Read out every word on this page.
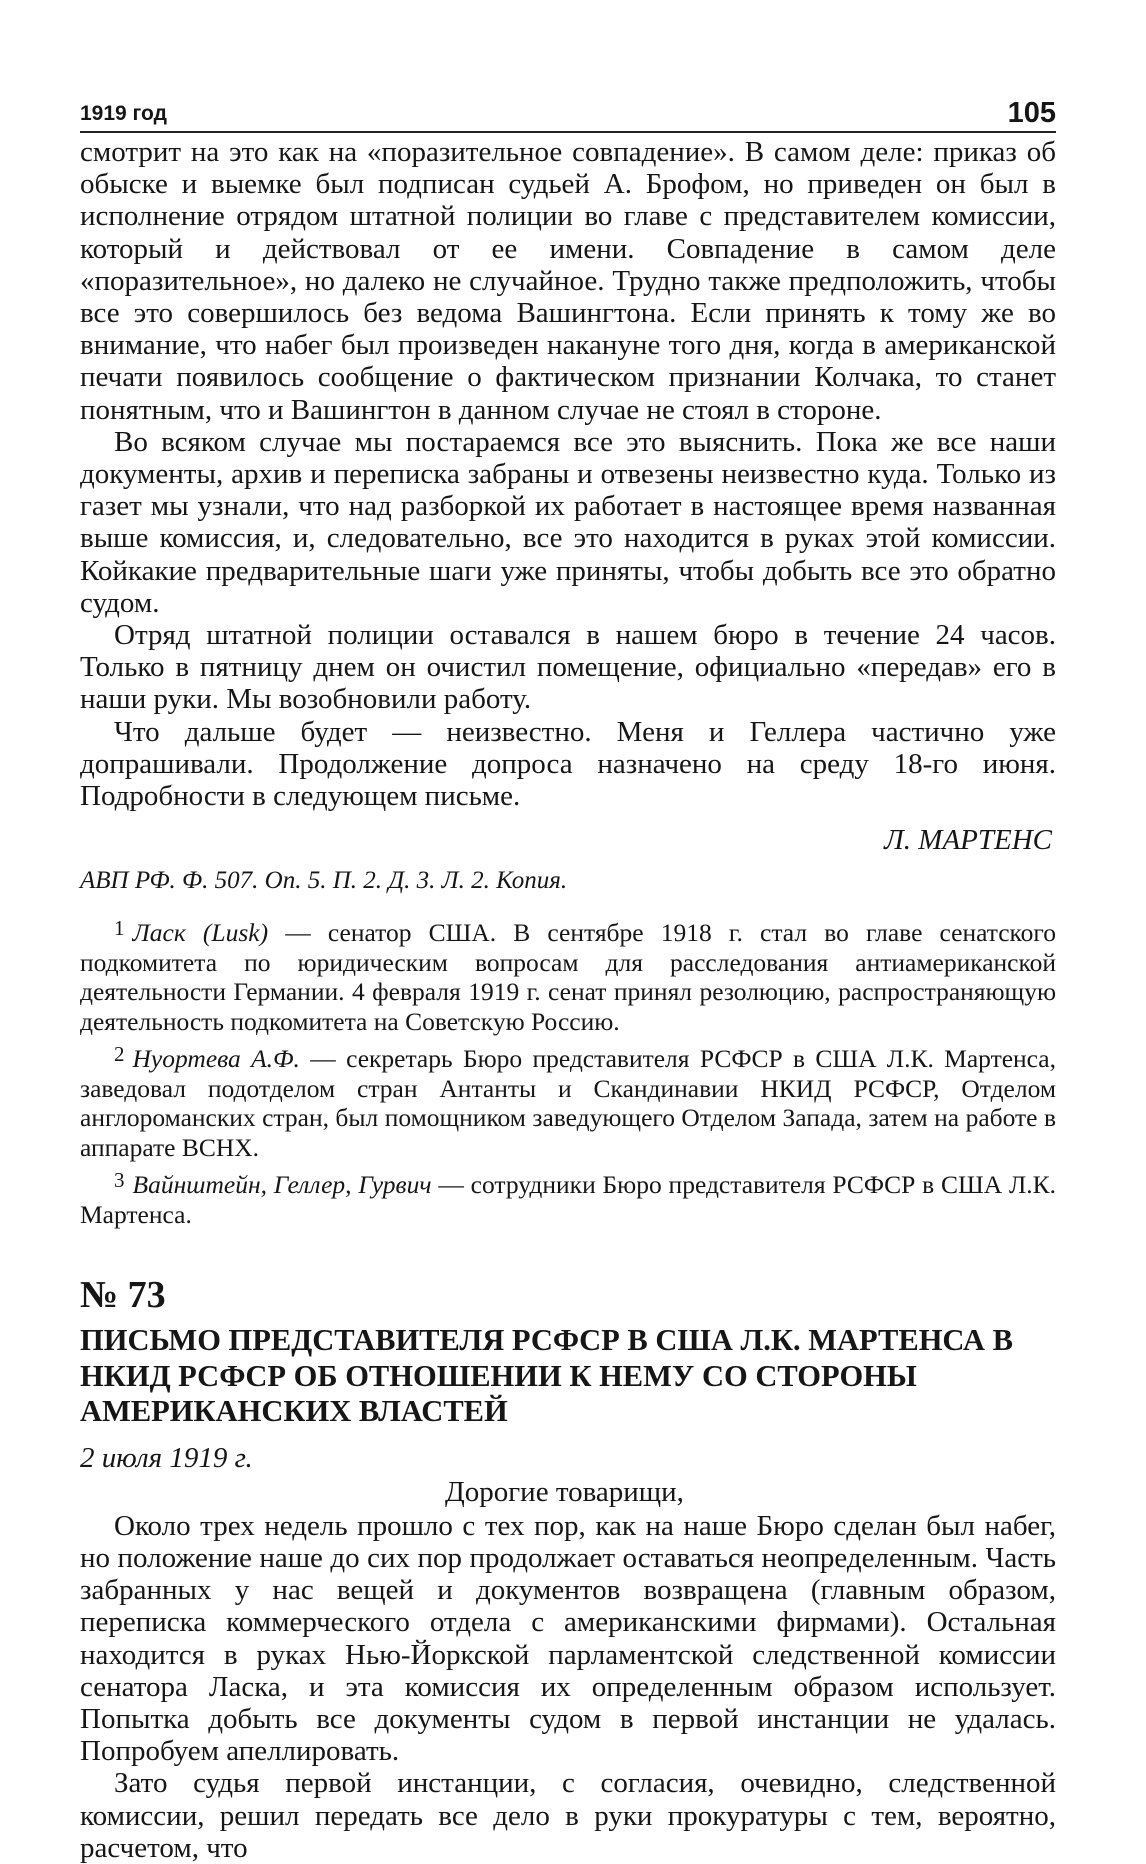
1919 год	105

смотрит на это как на «поразительное совпадение». В самом деле: приказ об обыске и выемке был подписан судьей А. Брофом, но приведен он был в исполнение отрядом штатной полиции во главе с представителем комиссии, который и действовал от ее имени. Совпадение в самом деле «поразительное», но далеко не случайное. Трудно также предположить, чтобы все это совершилось без ведома Вашингтона. Если принять к тому же во внимание, что набег был произведен накануне того дня, когда в американской печати появилось сообщение о фактическом признании Колчака, то станет понятным, что и Вашингтон в данном случае не стоял в стороне.

Во всяком случае мы постараемся все это выяснить. Пока же все наши документы, архив и переписка забраны и отвезены неизвестно куда. Только из газет мы узнали, что над разборкой их работает в настоящее время названная выше комиссия, и, следовательно, все это находится в руках этой комиссии. Койкакие предварительные шаги уже приняты, чтобы добыть все это обратно судом.

Отряд штатной полиции оставался в нашем бюро в течение 24 часов. Только в пятницу днем он очистил помещение, официально «передав» его в наши руки. Мы возобновили работу.

Что дальше будет — неизвестно. Меня и Геллера частично уже допрашивали. Продолжение допроса назначено на среду 18-го июня. Подробности в следующем письме.

Л. МАРТЕНС

АВП РФ. Ф. 507. Оп. 5. П. 2. Д. 3. Л. 2. Копия.

$^1$ Ласк (Lusk) — сенатор США. В сентябре 1918 г. стал во главе сенатского подкомитета по юридическим вопросам для расследования антиамериканской деятельности Германии. 4 февраля 1919 г. сенат принял резолюцию, распространяющую деятельность подкомитета на Советскую Россию.

$^2$ Нуортева А.Ф. — секретарь Бюро представителя РСФСР в США Л.К. Мартенса, заведовал подотделом стран Антанты и Скандинавии НКИД РСФСР, Отделом англороманских стран, был помощником заведующего Отделом Запада, затем на работе в аппарате ВСНХ.

$^3$ Вайнштейн, Геллер, Гурвич — сотрудники Бюро представителя РСФСР в США Л.К. Мартенса.

№ 73

ПИСЬМО ПРЕДСТАВИТЕЛЯ РСФСР В США Л.К. МАРТЕНСА В НКИД РСФСР ОБ ОТНОШЕНИИ К НЕМУ СО СТОРОНЫ АМЕРИКАНСКИХ ВЛАСТЕЙ

2 июля 1919 г.

Дорогие товарищи,

Около трех недель прошло с тех пор, как на наше Бюро сделан был набег, но положение наше до сих пор продолжает оставаться неопределенным. Часть забранных у нас вещей и документов возвращена (главным образом, переписка коммерческого отдела с американскими фирмами). Остальная находится в руках Нью-Йоркской парламентской следственной комиссии сенатора Ласка, и эта комиссия их определенным образом использует. Попытка добыть все документы судом в первой инстанции не удалась. Попробуем апеллировать.

Зато судья первой инстанции, с согласия, очевидно, следственной комиссии, решил передать все дело в руки прокуратуры с тем, вероятно, расчетом, что
